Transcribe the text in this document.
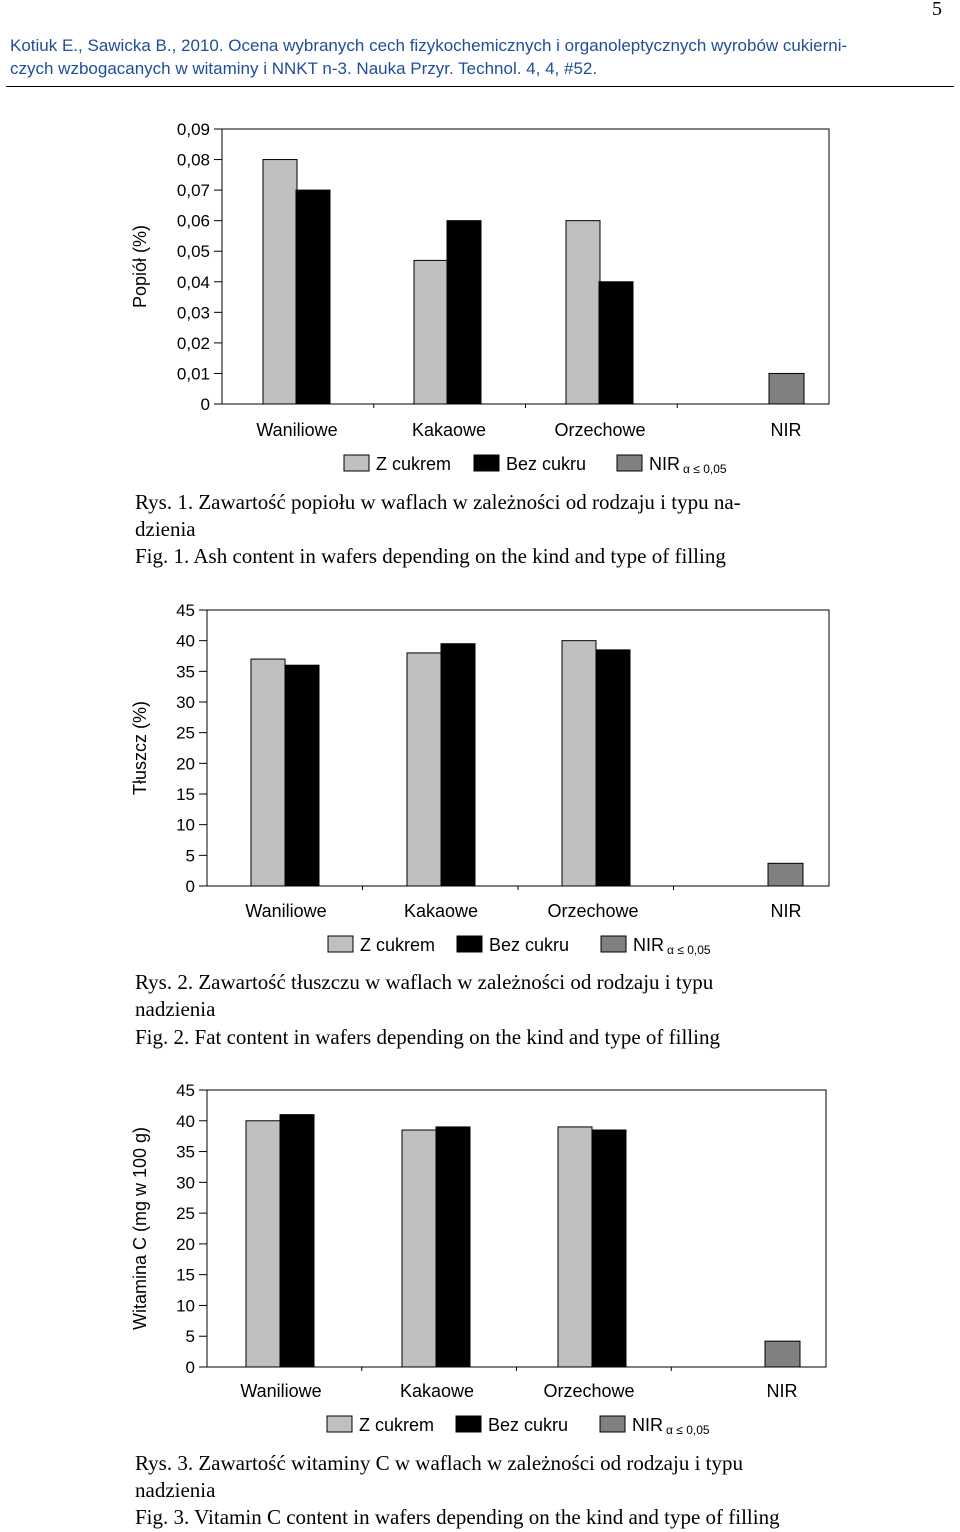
5
Kotiuk E., Sawicka B., 2010. Ocena wybranych cech fizykochemicznych i organoleptycznych wyrobów cukierni-
czych wzbogacanych w witaminy i NNKT n-3. Nauka Przyr. Technol. 4, 4, #52.
0
0,01
0,02
0,03
0,04
0,05
0,06
0,07
0,08
0,09
Popiół (%)
Waniliowe	Kakaowe	Orzechowe	NIR
Z cukrem	Bez cukru	NIR α ≤ 0,05
Rys. 1. Zawartość popiołu w waflach w zależności od rodzaju i typu na-
dzienia
Fig. 1. Ash content in wafers depending on the kind and type of filling
0
5
10
15
20
25
30
35
40
45
Tłuszcz (%)
Waniliowe	Kakaowe	Orzechowe	NIR
Z cukrem	Bez cukru	NIR α ≤ 0,05
Rys. 2. Zawartość tłuszczu w waflach w zależności od rodzaju i typu
nadzienia
Fig. 2. Fat content in wafers depending on the kind and type of filling
0
5
10
15
20
25
30
35
40
45
Witamina C (mg w 100 g)
Waniliowe	Kakaowe	Orzechowe	NIR
Z cukrem	Bez cukru	NIR α ≤ 0,05
Rys. 3. Zawartość witaminy C w waflach w zależności od rodzaju i typu
nadzienia
Fig. 3. Vitamin C content in wafers depending on the kind and type of filling
